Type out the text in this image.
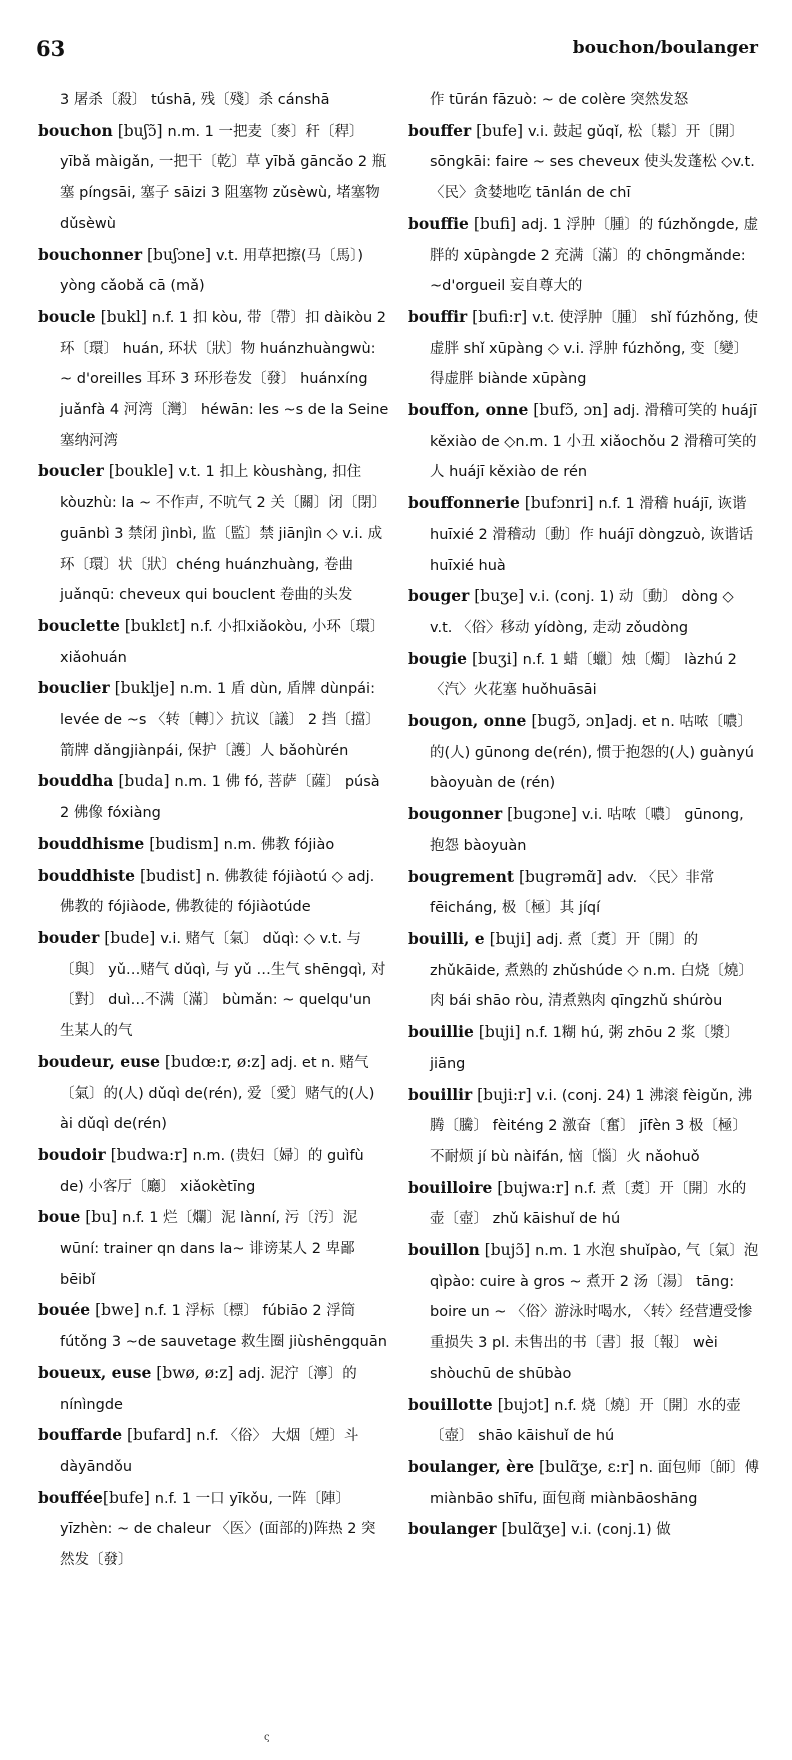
63	bouchon/boulanger

3 屠杀〔殺〕 túshā, 残〔殘〕杀 cánshā

bouchon [buʃɔ̃] n.m. 1 一把麦〔麥〕秆〔稈〕 yībǎ màigǎn, 一把干〔乾〕草 yībǎ gāncǎo 2 瓶塞 píngsāi, 塞子 sāizi 3 阻塞物 zǔsèwù, 堵塞物 dǔsèwù

bouchonner [buʃɔne] v.t. 用草把擦(马〔馬〕) yòng cǎobǎ cā (mǎ)

boucle [bukl] n.f. 1 扣 kòu, 带〔帶〕扣 dàikòu 2 环〔環〕 huán, 环状〔狀〕物 huánzhuàngwù: ~ d'oreilles 耳环 3 环形卷发〔發〕 huánxíng juǎnfà 4 河湾〔灣〕 héwān: les ~s de la Seine 塞纳河湾

boucler [boukle] v.t. 1 扣上 kòushàng, 扣住 kòuzhù: la ~ 不作声, 不吭气 2 关〔關〕闭〔閉〕 guānbì 3 禁闭 jìnbì, 监〔監〕禁 jiānjìn ◇ v.i. 成环〔環〕状〔狀〕chéng huánzhuàng, 卷曲 juǎnqū: cheveux qui bouclent 卷曲的头发

bouclette [buklɛt] n.f. 小扣xiǎokòu, 小环〔環〕 xiǎohuán

bouclier [buklje] n.m. 1 盾 dùn, 盾牌 dùnpái: levée de ~s 〈转〔轉〕〉抗议〔議〕 2 挡〔擋〕箭牌 dǎngjiànpái, 保护〔護〕人 bǎohùrén

bouddha [buda] n.m. 1 佛 fó, 菩萨〔薩〕 púsà 2 佛像 fóxiàng

bouddhisme [budism] n.m. 佛教 fójiào

bouddhiste [budist] n. 佛教徒 fójiàotú ◇ adj. 佛教的 fójiàode, 佛教徒的 fójiàotúde

bouder [bude] v.i. 赌气〔氣〕 dǔqì: ◇ v.t. 与〔與〕 yǔ…赌气 dǔqì, 与 yǔ …生气 shēngqì, 对〔對〕 duì…不满〔滿〕 bùmǎn: ~ quelqu'un 生某人的气

boudeur, euse [budœ:r, ø:z] adj. et n. 赌气〔氣〕的(人) dǔqì de(rén), 爱〔愛〕赌气的(人) ài dǔqì de(rén)

boudoir [budwa:r] n.m. (贵妇〔婦〕的 guìfù de) 小客厅〔廳〕 xiǎokètīng

boue [bu] n.f. 1 烂〔爛〕泥 lànní, 污〔汚〕泥wūní: trainer qn dans la~ 诽谤某人 2 卑鄙 bēibǐ

bouée [bwe] n.f. 1 浮标〔標〕 fúbiāo 2 浮筒 fútǒng 3 ~de sauvetage 救生圈 jiùshēngquān

boueux, euse [bwø, ø:z] adj. 泥泞〔濘〕的 nínìngde

bouffarde [bufard] n.f. 〈俗〉 大烟〔煙〕斗 dàyāndǒu

bouffée[bufe] n.f. 1 一口 yīkǒu, 一阵〔陣〕 yīzhèn: ~ de chaleur 〈医〉(面部的)阵热 2 突然发〔發〕

作 tūrán fāzuò: ~ de colère 突然发怒

bouffer [bufe] v.i. 鼓起 gǔqǐ, 松〔鬆〕开〔開〕 sōngkāi: faire ~ ses cheveux 使头发蓬松 ◇v.t. 〈民〉贪婪地吃 tānlán de chī

bouffie [bufi] adj. 1 浮肿〔腫〕的 fúzhǒngde, 虚胖的 xūpàngde 2 充满〔滿〕的 chōngmǎnde: ~d'orgueil 妄自尊大的

bouffir [bufi:r] v.t. 使浮肿〔腫〕 shǐ fúzhǒng, 使虚胖 shǐ xūpàng ◇ v.i. 浮肿 fúzhǒng, 变〔變〕得虚胖 biànde xūpàng

bouffon, onne [bufɔ̃, ɔn] adj. 滑稽可笑的 huájī kěxiào de ◇n.m. 1 小丑 xiǎochǒu 2 滑稽可笑的人 huájī kěxiào de rén

bouffonnerie [bufɔnri] n.f. 1 滑稽 huájī, 诙谐 huīxié 2 滑稽动〔動〕作 huájī dòngzuò, 诙谐话 huīxié huà

bouger [buʒe] v.i. (conj. 1) 动〔動〕 dòng ◇ v.t. 〈俗〉移动 yídòng, 走动 zǒudòng

bougie [buʒi] n.f. 1 蜡〔蠟〕烛〔燭〕 làzhú 2 〈汽〉火花塞 huǒhuāsāi

bougon, onne [bugɔ̃, ɔn]adj. et n. 咕哝〔噥〕的(人) gūnong de(rén), 惯于抱怨的(人) guànyú bàoyuàn de (rén)

bougonner [bugɔne] v.i. 咕哝〔噥〕 gūnong, 抱怨 bàoyuàn

bougrement [bugrəmɑ̃] adv. 〈民〉非常 fēicháng, 极〔極〕其 jíqí

bouilli, e [buji] adj. 煮〔煑〕开〔開〕的 zhǔkāide, 煮熟的 zhǔshúde ◇ n.m. 白烧〔燒〕肉 bái shāo ròu, 清煮熟肉 qīngzhǔ shúròu

bouillie [buji] n.f. 1糊 hú, 粥 zhōu 2 浆〔漿〕 jiāng

bouillir [buji:r] v.i. (conj. 24) 1 沸滚 fèigǔn, 沸腾〔騰〕 fèiténg 2 激奋〔奮〕 jīfèn 3 极〔極〕不耐烦 jí bù nàifán, 恼〔惱〕火 nǎohuǒ

bouilloire [bujwa:r] n.f. 煮〔煑〕开〔開〕水的壶〔壺〕 zhǔ kāishuǐ de hú

bouillon [bujɔ̃] n.m. 1 水泡 shuǐpào, 气〔氣〕泡 qìpào: cuire à gros ~ 煮开 2 汤〔湯〕 tāng: boire un ~ 〈俗〉游泳时喝水, 〈转〉经营遭受惨重损失 3 pl. 未售出的书〔書〕报〔報〕 wèi shòuchū de shūbào

bouillotte [bujɔt] n.f. 烧〔燒〕开〔開〕水的壶〔壺〕 shāo kāishuǐ de hú

boulanger, ère [bulɑ̃ʒe, ɛ:r] n. 面包师〔師〕傅 miànbāo shīfu, 面包商 miànbāoshāng

boulanger [bulɑ̃ʒe] v.i. (conj.1) 做

ς
